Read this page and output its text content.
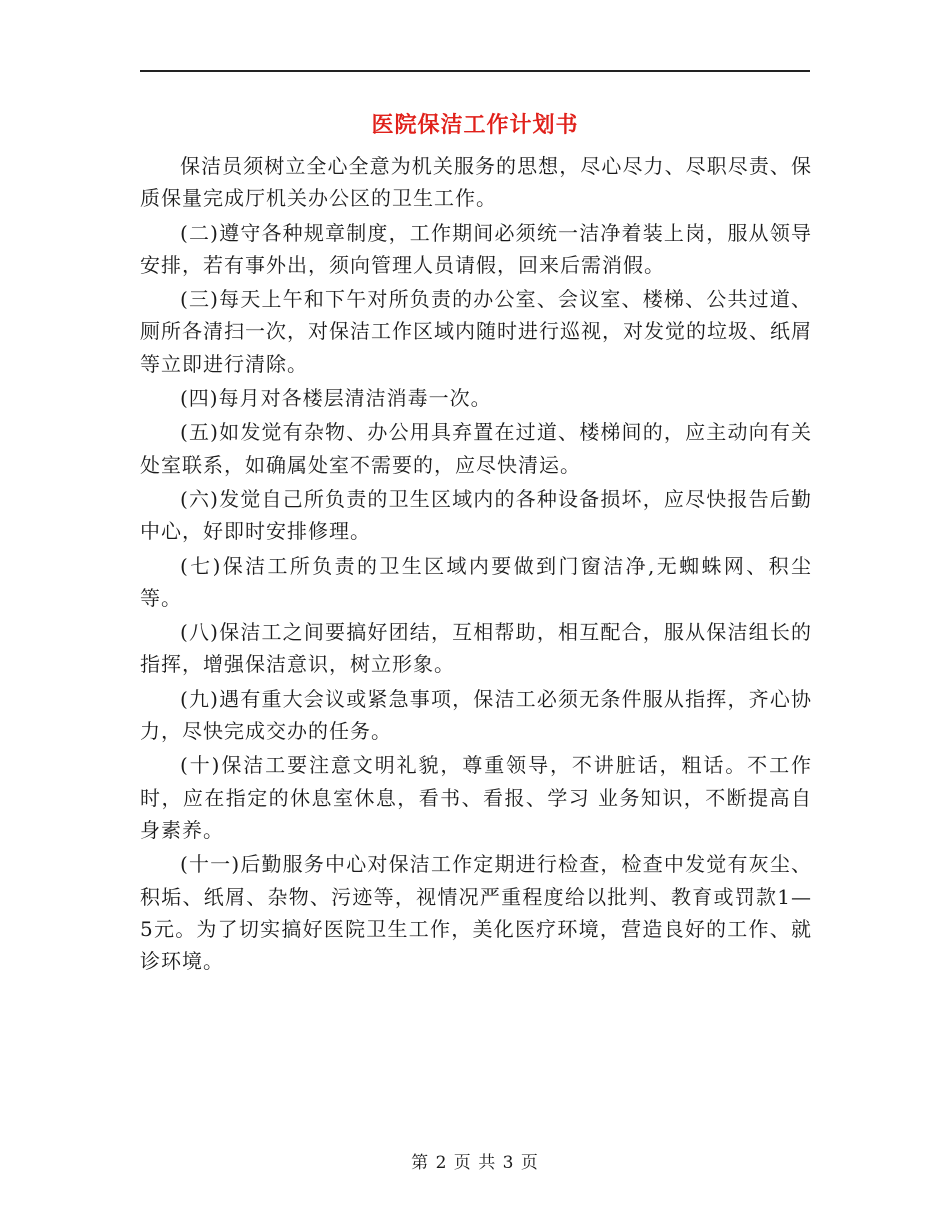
医院保洁工作计划书

保洁员须树立全心全意为机关服务的思想，尽心尽力、尽职尽责、保质保量完成厅机关办公区的卫生工作。

(二)遵守各种规章制度，工作期间必须统一洁净着装上岗，服从领导安排，若有事外出，须向管理人员请假，回来后需消假。

(三)每天上午和下午对所负责的办公室、会议室、楼梯、公共过道、厕所各清扫一次，对保洁工作区域内随时进行巡视，对发觉的垃圾、纸屑等立即进行清除。

(四)每月对各楼层清洁消毒一次。

(五)如发觉有杂物、办公用具弃置在过道、楼梯间的，应主动向有关处室联系，如确属处室不需要的，应尽快清运。

(六)发觉自己所负责的卫生区域内的各种设备损坏，应尽快报告后勤中心，好即时安排修理。

(七)保洁工所负责的卫生区域内要做到门窗洁净,无蜘蛛网、积尘等。

(八)保洁工之间要搞好团结，互相帮助，相互配合，服从保洁组长的指挥，增强保洁意识，树立形象。

(九)遇有重大会议或紧急事项，保洁工必须无条件服从指挥，齐心协力，尽快完成交办的任务。

(十)保洁工要注意文明礼貌，尊重领导，不讲脏话，粗话。不工作时，应在指定的休息室休息，看书、看报、学习 业务知识，不断提高自身素养。

(十一)后勤服务中心对保洁工作定期进行检查，检查中发觉有灰尘、积垢、纸屑、杂物、污迹等，视情况严重程度给以批判、教育或罚款1—5元。为了切实搞好医院卫生工作，美化医疗环境，营造良好的工作、就诊环境。

第 2 页 共 3 页
